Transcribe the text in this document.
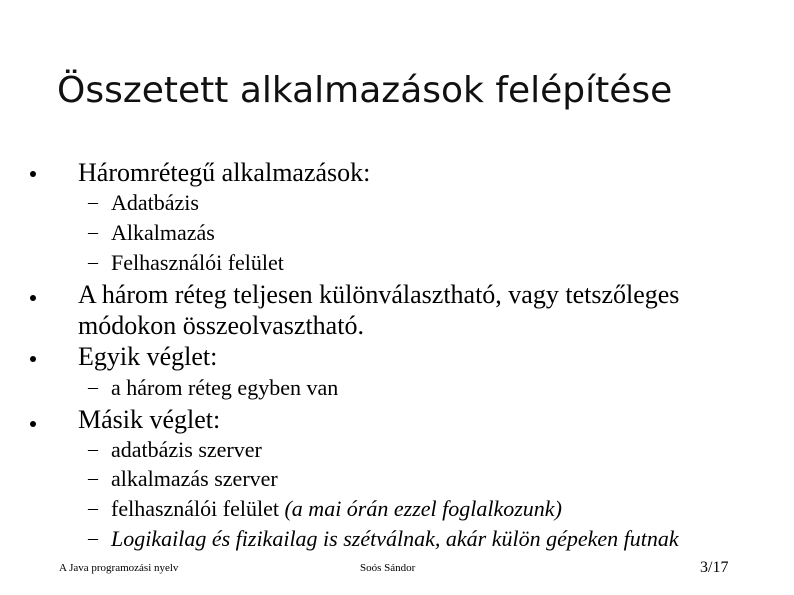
Összetett alkalmazások felépítése
Háromrétegű alkalmazások:
– Adatbázis
– Alkalmazás
– Felhasználói felület
A három réteg teljesen különválasztható, vagy tetszőleges
módokon összeolvasztható.
Egyik véglet:
– a három réteg egyben van
Másik véglet:
– adatbázis szerver
– alkalmazás szerver
– felhasználói felület (a mai órán ezzel foglalkozunk)
– Logikailag és fizikailag is szétválnak, akár külön gépeken futnak
A Java programozási nyelv	Soós Sándor	3/17
